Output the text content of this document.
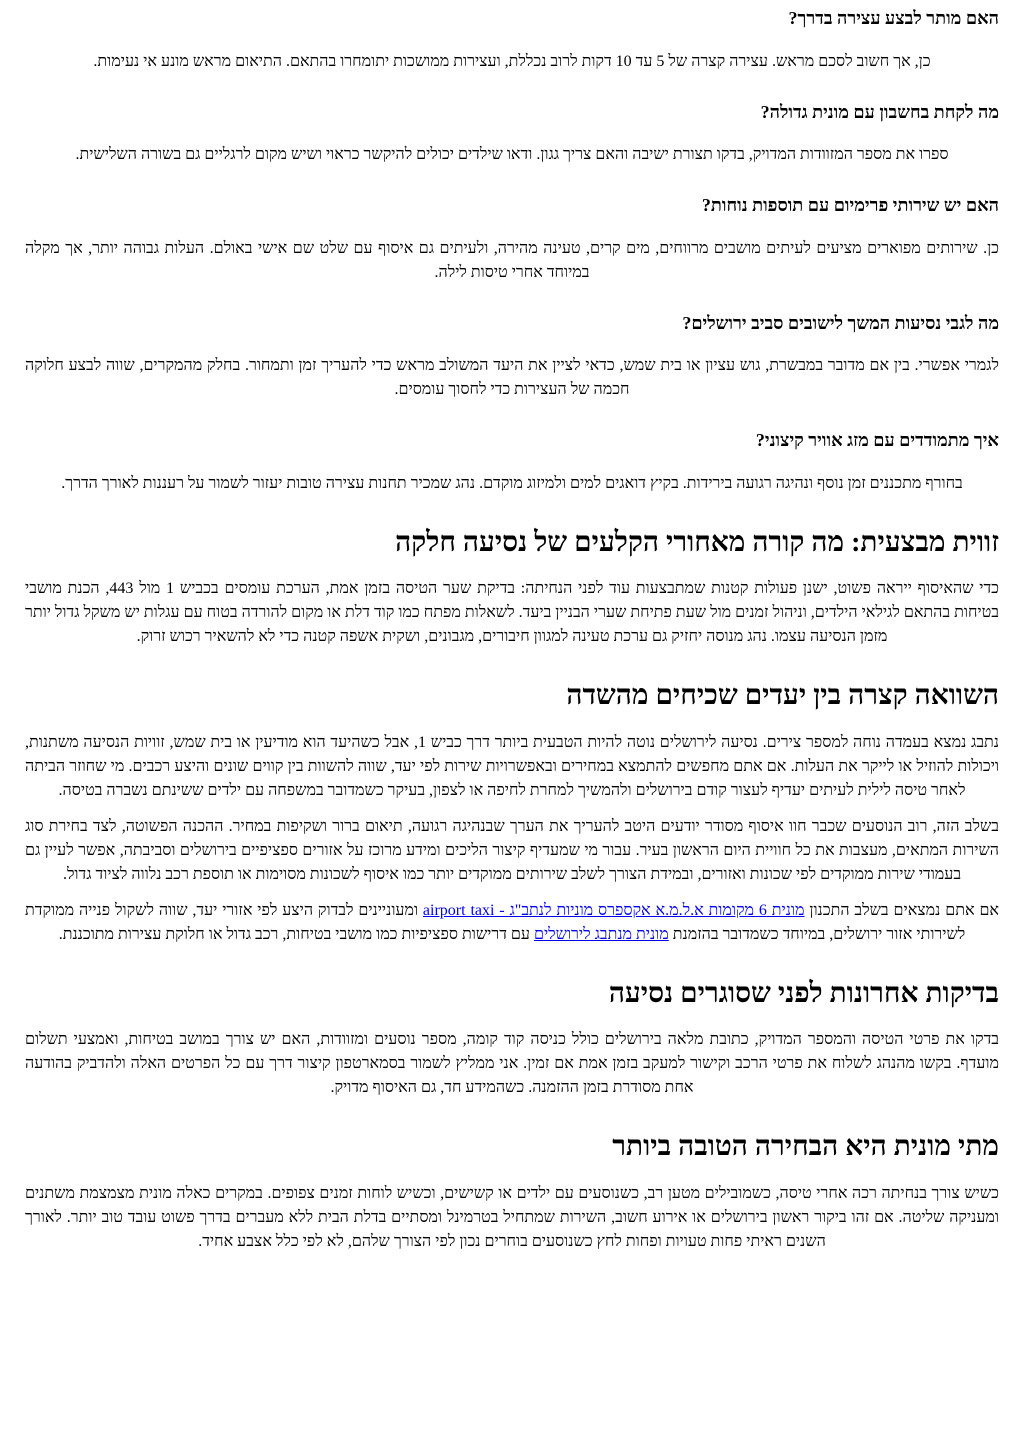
האם מותר לבצע עצירה בדרך?

כן, אך חשוב לסכם מראש. עצירה קצרה של 5 עד 10 דקות לרוב נכללת, ועצירות ממושכות יתומחרו בהתאם. התיאום מראש מונע אי נעימות.

מה לקחת בחשבון עם מונית גדולה?

ספרו את מספר המזוודות המדויק, בדקו תצורת ישיבה והאם צריך גגון. ודאו שילדים יכולים להיקשר כראוי ושיש מקום לרגליים גם בשורה השלישית.

האם יש שירותי פרימיום עם תוספות נוחות?

כן. שירותים מפוארים מציעים לעיתים מושבים מרווחים, מים קרים, טעינה מהירה, ולעיתים גם איסוף עם שלט שם אישי באולם. העלות גבוהה יותר, אך מקלה במיוחד אחרי טיסות לילה.

מה לגבי נסיעות המשך לישובים סביב ירושלים?

לגמרי אפשרי. בין אם מדובר במבשרת, גוש עציון או בית שמש, כדאי לציין את היעד המשולב מראש כדי להעריך זמן ותמחור. בחלק מהמקרים, שווה לבצע חלוקה חכמה של העצירות כדי לחסוך עומסים.

איך מתמודדים עם מזג אוויר קיצוני?

בחורף מתכננים זמן נוסף ונהיגה רגועה בירידות. בקיץ דואגים למים ולמיזוג מוקדם. נהג שמכיר תחנות עצירה טובות יעזור לשמור על רעננות לאורך הדרך.

זווית מבצעית: מה קורה מאחורי הקלעים של נסיעה חלקה

כדי שהאיסוף ייראה פשוט, ישנן פעולות קטנות שמתבצעות עוד לפני הנחיתה: בדיקת שער הטיסה בזמן אמת, הערכת עומסים בכביש 1 מול 443, הכנת מושבי בטיחות בהתאם לגילאי הילדים, וניהול זמנים מול שעת פתיחת שערי הבניין ביעד. לשאלות מפתח כמו קוד דלת או מקום להורדה בטוח עם עגלות יש משקל גדול יותר מזמן הנסיעה עצמו. נהג מנוסה יחזיק גם ערכת טעינה למגוון חיבורים, מגבונים, ושקית אשפה קטנה כדי לא להשאיר רכוש זרוק.

השוואה קצרה בין יעדים שכיחים מהשדה

נתבג נמצא בעמדה נוחה למספר צירים. נסיעה לירושלים נוטה להיות הטבעית ביותר דרך כביש 1, אבל כשהיעד הוא מודיעין או בית שמש, זוויות הנסיעה משתנות, ויכולות להוזיל או לייקר את העלות. אם אתם מחפשים להתמצא במחירים ובאפשרויות שירות לפי יעד, שווה להשוות בין קווים שונים והיצע רכבים. מי שחוזר הביתה לאחר טיסה לילית לעיתים יעדיף לעצור קודם בירושלים ולהמשיך למחרת לחיפה או לצפון, בעיקר כשמדובר במשפחה עם ילדים ששינתם נשברה בטיסה.

בשלב הזה, רוב הנוסעים שכבר חוו איסוף מסודר יודעים היטב להעריך את הערך שבנהיגה רגועה, תיאום ברור ושקיפות במחיר. ההכנה הפשוטה, לצד בחירת סוג השירות המתאים, מעצבות את כל חוויית היום הראשון בעיר. עבור מי שמעדיף קיצור הליכים ומידע מרוכז על אזורים ספציפיים בירושלים וסביבתה, אפשר לעיין גם בעמודי שירות ממוקדים לפי שכונות ואזורים, ובמידת הצורך לשלב שירותים ממוקדים יותר כמו איסוף לשכונות מסוימות או תוספת רכב נלווה לציוד גדול.

אם אתם נמצאים בשלב התכנון מונית 6 מקומות א.ל.מ.א אקספרס מוניות לנתב"ג - airport taxi ומעוניינים לבדוק היצע לפי אזורי יעד, שווה לשקול פנייה ממוקדת לשירותי אזור ירושלים, במיוחד כשמדובר בהזמנת מונית מנתבג לירושלים עם דרישות ספציפיות כמו מושבי בטיחות, רכב גדול או חלוקת עצירות מתוכננת.

בדיקות אחרונות לפני שסוגרים נסיעה

בדקו את פרטי הטיסה והמספר המדויק, כתובת מלאה בירושלים כולל כניסה קוד קומה, מספר נוסעים ומזוודות, האם יש צורך במושב בטיחות, ואמצעי תשלום מועדף. בקשו מהנהג לשלוח את פרטי הרכב וקישור למעקב בזמן אמת אם זמין. אני ממליץ לשמור בסמארטפון קיצור דרך עם כל הפרטים האלה ולהדביק בהודעה אחת מסודרת בזמן ההזמנה. כשהמידע חד, גם האיסוף מדויק.

מתי מונית היא הבחירה הטובה ביותר

כשיש צורך בנחיתה רכה אחרי טיסה, כשמובילים מטען רב, כשנוסעים עם ילדים או קשישים, וכשיש לוחות זמנים צפופים. במקרים כאלה מונית מצמצמת משתנים ומעניקה שליטה. אם זהו ביקור ראשון בירושלים או אירוע חשוב, השירות שמתחיל בטרמינל ומסתיים בדלת הבית ללא מעברים בדרך פשוט עובד טוב יותר. לאורך השנים ראיתי פחות טעויות ופחות לחץ כשנוסעים בוחרים נכון לפי הצורך שלהם, לא לפי כלל אצבע אחיד.
